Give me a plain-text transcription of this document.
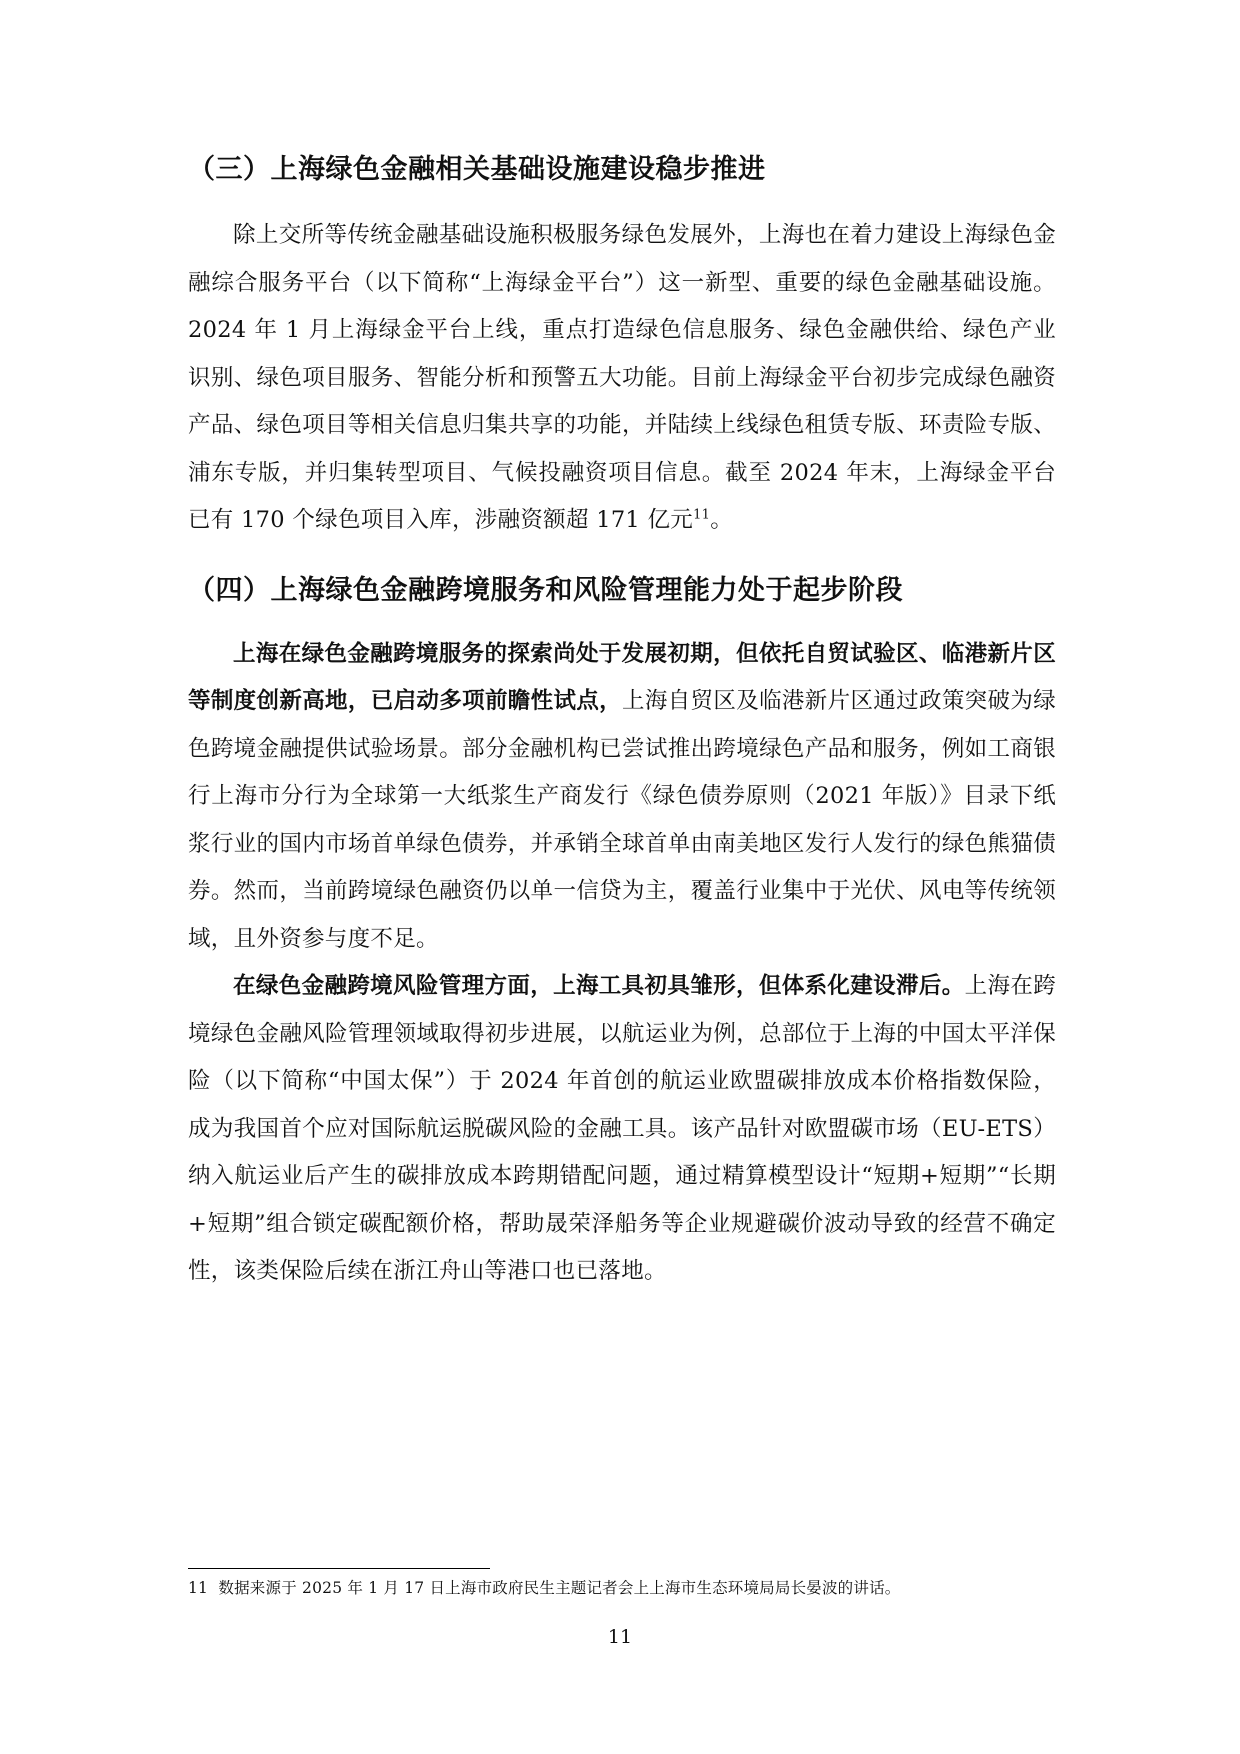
（三）上海绿色金融相关基础设施建设稳步推进

除上交所等传统金融基础设施积极服务绿色发展外，上海也在着力建设上海绿色金融综合服务平台（以下简称“上海绿金平台”）这一新型、重要的绿色金融基础设施。2024 年 1 月上海绿金平台上线，重点打造绿色信息服务、绿色金融供给、绿色产业识别、绿色项目服务、智能分析和预警五大功能。目前上海绿金平台初步完成绿色融资产品、绿色项目等相关信息归集共享的功能，并陆续上线绿色租赁专版、环责险专版、浦东专版，并归集转型项目、气候投融资项目信息。截至 2024 年末，上海绿金平台已有 170 个绿色项目入库，涉融资额超 171 亿元$^{11}$。

（四）上海绿色金融跨境服务和风险管理能力处于起步阶段

上海在绿色金融跨境服务的探索尚处于发展初期，但依托自贸试验区、临港新片区等制度创新高地，已启动多项前瞻性试点，上海自贸区及临港新片区通过政策突破为绿色跨境金融提供试验场景。部分金融机构已尝试推出跨境绿色产品和服务，例如工商银行上海市分行为全球第一大纸浆生产商发行《绿色债券原则（2021 年版）》目录下纸浆行业的国内市场首单绿色债券，并承销全球首单由南美地区发行人发行的绿色熊猫债券。然而，当前跨境绿色融资仍以单一信贷为主，覆盖行业集中于光伏、风电等传统领域，且外资参与度不足。

在绿色金融跨境风险管理方面，上海工具初具雏形，但体系化建设滞后。上海在跨境绿色金融风险管理领域取得初步进展，以航运业为例，总部位于上海的中国太平洋保险（以下简称“中国太保”）于 2024 年首创的航运业欧盟碳排放成本价格指数保险，成为我国首个应对国际航运脱碳风险的金融工具。该产品针对欧盟碳市场（EU-ETS）纳入航运业后产生的碳排放成本跨期错配问题，通过精算模型设计“短期+短期”“长期+短期”组合锁定碳配额价格，帮助晟荣泽船务等企业规避碳价波动导致的经营不确定性，该类保险后续在浙江舟山等港口也已落地。

11 数据来源于 2025 年 1 月 17 日上海市政府民生主题记者会上上海市生态环境局局长晏波的讲话。
11
